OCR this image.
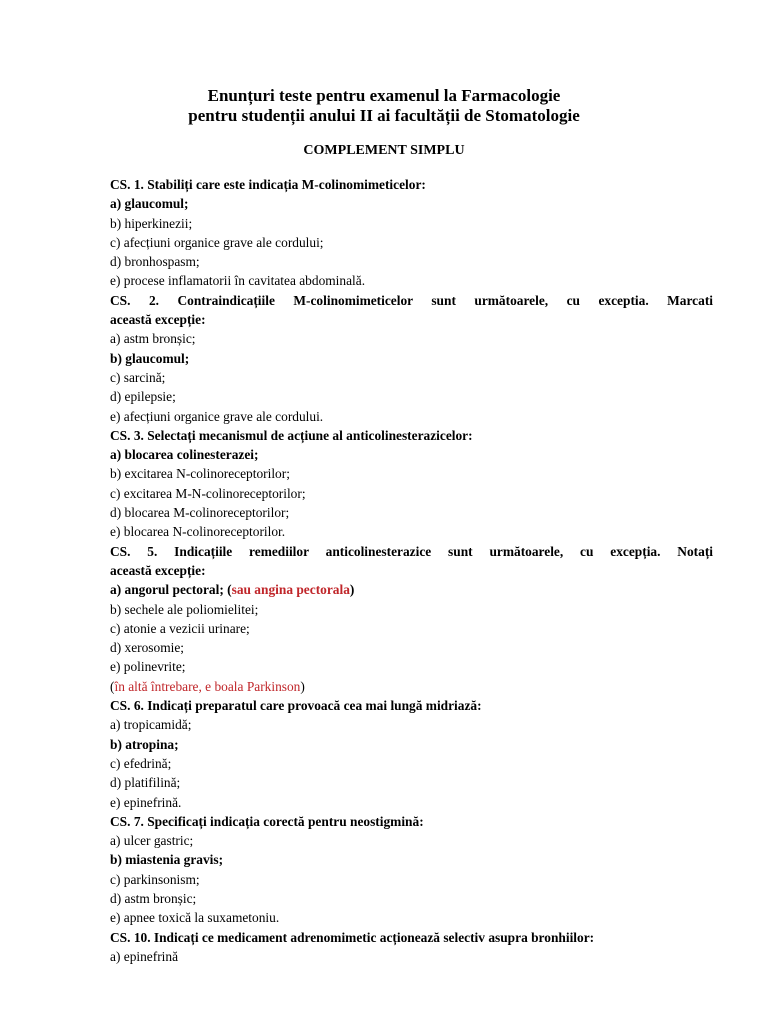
Enunțuri teste pentru examenul la Farmacologie
pentru studenții anului II ai facultății de Stomatologie
COMPLEMENT SIMPLU
CS. 1. Stabiliți care este indicația M-colinomimeticelor:
a) glaucomul;
b) hiperkinezii;
c) afecțiuni organice grave ale cordului;
d) bronhospasm;
e) procese inflamatorii în cavitatea abdominală.
CS. 2. Contraindicațiile M-colinomimeticelor sunt următoarele, cu exceptia. Marcati
această excepție:
a) astm bronșic;
b) glaucomul;
c) sarcină;
d) epilepsie;
e) afecțiuni organice grave ale cordului.
CS. 3. Selectați mecanismul de acțiune al anticolinesterazicelor:
a) blocarea colinesterazei;
b) excitarea N-colinoreceptorilor;
c) excitarea M-N-colinoreceptorilor;
d) blocarea M-colinoreceptorilor;
e) blocarea N-colinoreceptorilor.
CS. 5. Indicațiile remediilor anticolinesterazice sunt următoarele, cu excepția. Notați
această excepție:
a) angorul pectoral; (sau angina pectorala)
b) sechele ale poliomielitei;
c) atonie a vezicii urinare;
d) xerosomie;
e) polinevrite;
(în altă întrebare, e boala Parkinson)
CS. 6. Indicați preparatul care provoacă cea mai lungă midriază:
a) tropicamidă;
b) atropina;
c) efedrină;
d) platifilină;
e) epinefrină.
CS. 7. Specificați indicația corectă pentru neostigmină:
a) ulcer gastric;
b) miastenia gravis;
c) parkinsonism;
d) astm bronșic;
e) apnee toxică la suxametoniu.
CS. 10. Indicați ce medicament adrenomimetic acționează selectiv asupra bronhiilor:
a) epinefrină
